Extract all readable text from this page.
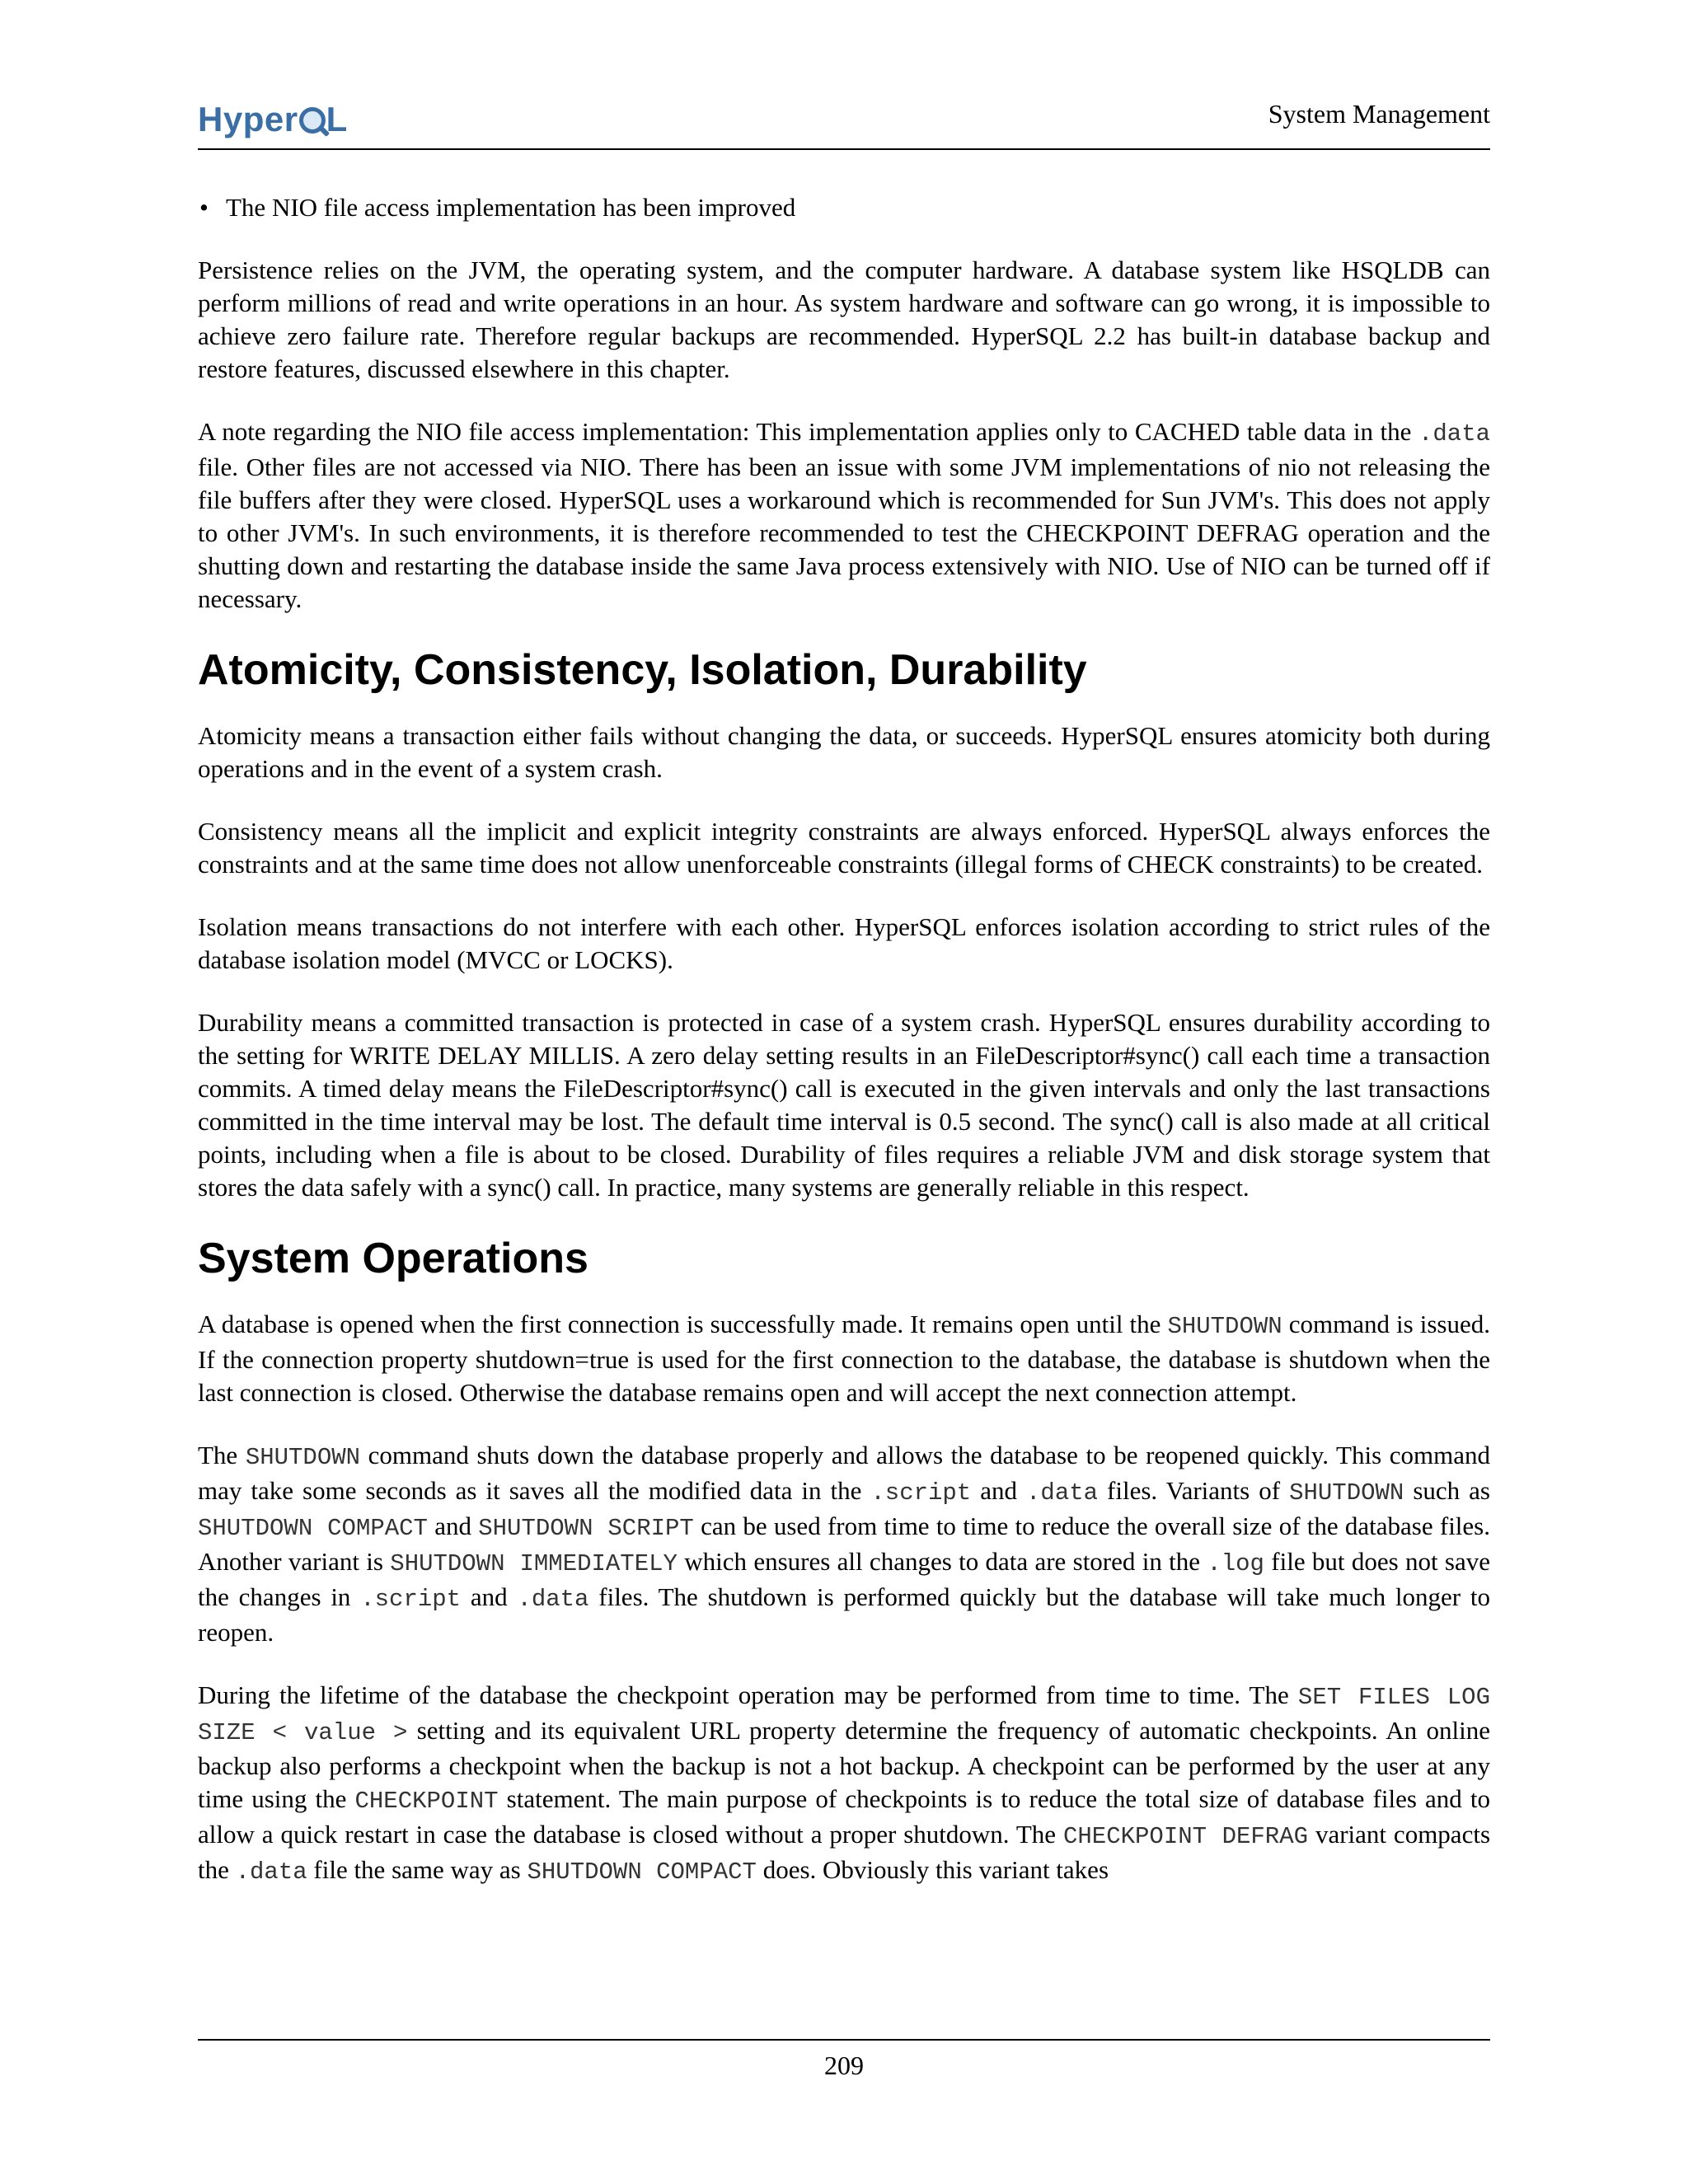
Hyper L	System Management
• The NIO file access implementation has been improved

Persistence relies on the JVM, the operating system, and the computer hardware. A database system like HSQLDB can perform millions of read and write operations in an hour. As system hardware and software can go wrong, it is impossible to achieve zero failure rate. Therefore regular backups are recommended. HyperSQL 2.2 has built-in database backup and restore features, discussed elsewhere in this chapter.

A note regarding the NIO file access implementation: This implementation applies only to CACHED table data in the .data file. Other files are not accessed via NIO. There has been an issue with some JVM implementations of nio not releasing the file buffers after they were closed. HyperSQL uses a workaround which is recommended for Sun JVM's. This does not apply to other JVM's. In such environments, it is therefore recommended to test the CHECKPOINT DEFRAG operation and the shutting down and restarting the database inside the same Java process extensively with NIO. Use of NIO can be turned off if necessary.

Atomicity, Consistency, Isolation, Durability

Atomicity means a transaction either fails without changing the data, or succeeds. HyperSQL ensures atomicity both during operations and in the event of a system crash.

Consistency means all the implicit and explicit integrity constraints are always enforced. HyperSQL always enforces the constraints and at the same time does not allow unenforceable constraints (illegal forms of CHECK constraints) to be created.

Isolation means transactions do not interfere with each other. HyperSQL enforces isolation according to strict rules of the database isolation model (MVCC or LOCKS).

Durability means a committed transaction is protected in case of a system crash. HyperSQL ensures durability according to the setting for WRITE DELAY MILLIS. A zero delay setting results in an FileDescriptor#sync() call each time a transaction commits. A timed delay means the FileDescriptor#sync() call is executed in the given intervals and only the last transactions committed in the time interval may be lost. The default time interval is 0.5 second. The sync() call is also made at all critical points, including when a file is about to be closed. Durability of files requires a reliable JVM and disk storage system that stores the data safely with a sync() call. In practice, many systems are generally reliable in this respect.

System Operations

A database is opened when the first connection is successfully made. It remains open until the SHUTDOWN command is issued. If the connection property shutdown=true is used for the first connection to the database, the database is shutdown when the last connection is closed. Otherwise the database remains open and will accept the next connection attempt.

The SHUTDOWN command shuts down the database properly and allows the database to be reopened quickly. This command may take some seconds as it saves all the modified data in the .script and .data files. Variants of SHUTDOWN such as SHUTDOWN COMPACT and SHUTDOWN SCRIPT can be used from time to time to reduce the overall size of the database files. Another variant is SHUTDOWN IMMEDIATELY which ensures all changes to data are stored in the .log file but does not save the changes in .script and .data files. The shutdown is performed quickly but the database will take much longer to reopen.

During the lifetime of the database the checkpoint operation may be performed from time to time. The SET FILES LOG SIZE < value > setting and its equivalent URL property determine the frequency of automatic checkpoints. An online backup also performs a checkpoint when the backup is not a hot backup. A checkpoint can be performed by the user at any time using the CHECKPOINT statement. The main purpose of checkpoints is to reduce the total size of database files and to allow a quick restart in case the database is closed without a proper shutdown. The CHECKPOINT DEFRAG variant compacts the .data file the same way as SHUTDOWN COMPACT does. Obviously this variant takes

209
